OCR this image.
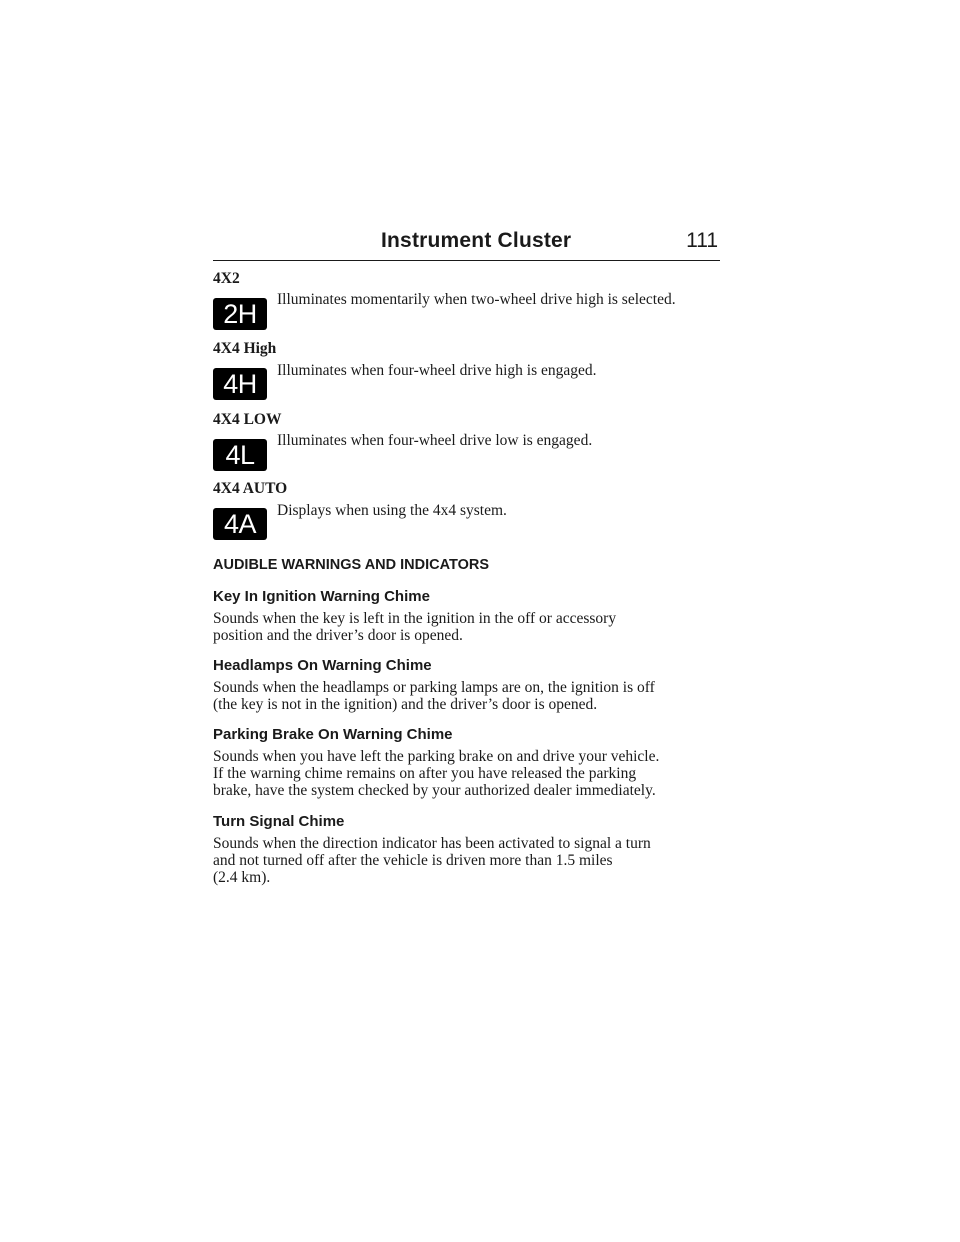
Instrument Cluster	111
4X2
2H	Illuminates momentarily when two-wheel drive high is selected.
4X4 High
4H	Illuminates when four-wheel drive high is engaged.
4X4 LOW
4L	Illuminates when four-wheel drive low is engaged.
4X4 AUTO
4A	Displays when using the 4x4 system.
AUDIBLE WARNINGS AND INDICATORS
Key In Ignition Warning Chime
Sounds when the key is left in the ignition in the off or accessory
position and the driver’s door is opened.
Headlamps On Warning Chime
Sounds when the headlamps or parking lamps are on, the ignition is off
(the key is not in the ignition) and the driver’s door is opened.
Parking Brake On Warning Chime
Sounds when you have left the parking brake on and drive your vehicle.
If the warning chime remains on after you have released the parking
brake, have the system checked by your authorized dealer immediately.
Turn Signal Chime
Sounds when the direction indicator has been activated to signal a turn
and not turned off after the vehicle is driven more than 1.5 miles
(2.4 km).
